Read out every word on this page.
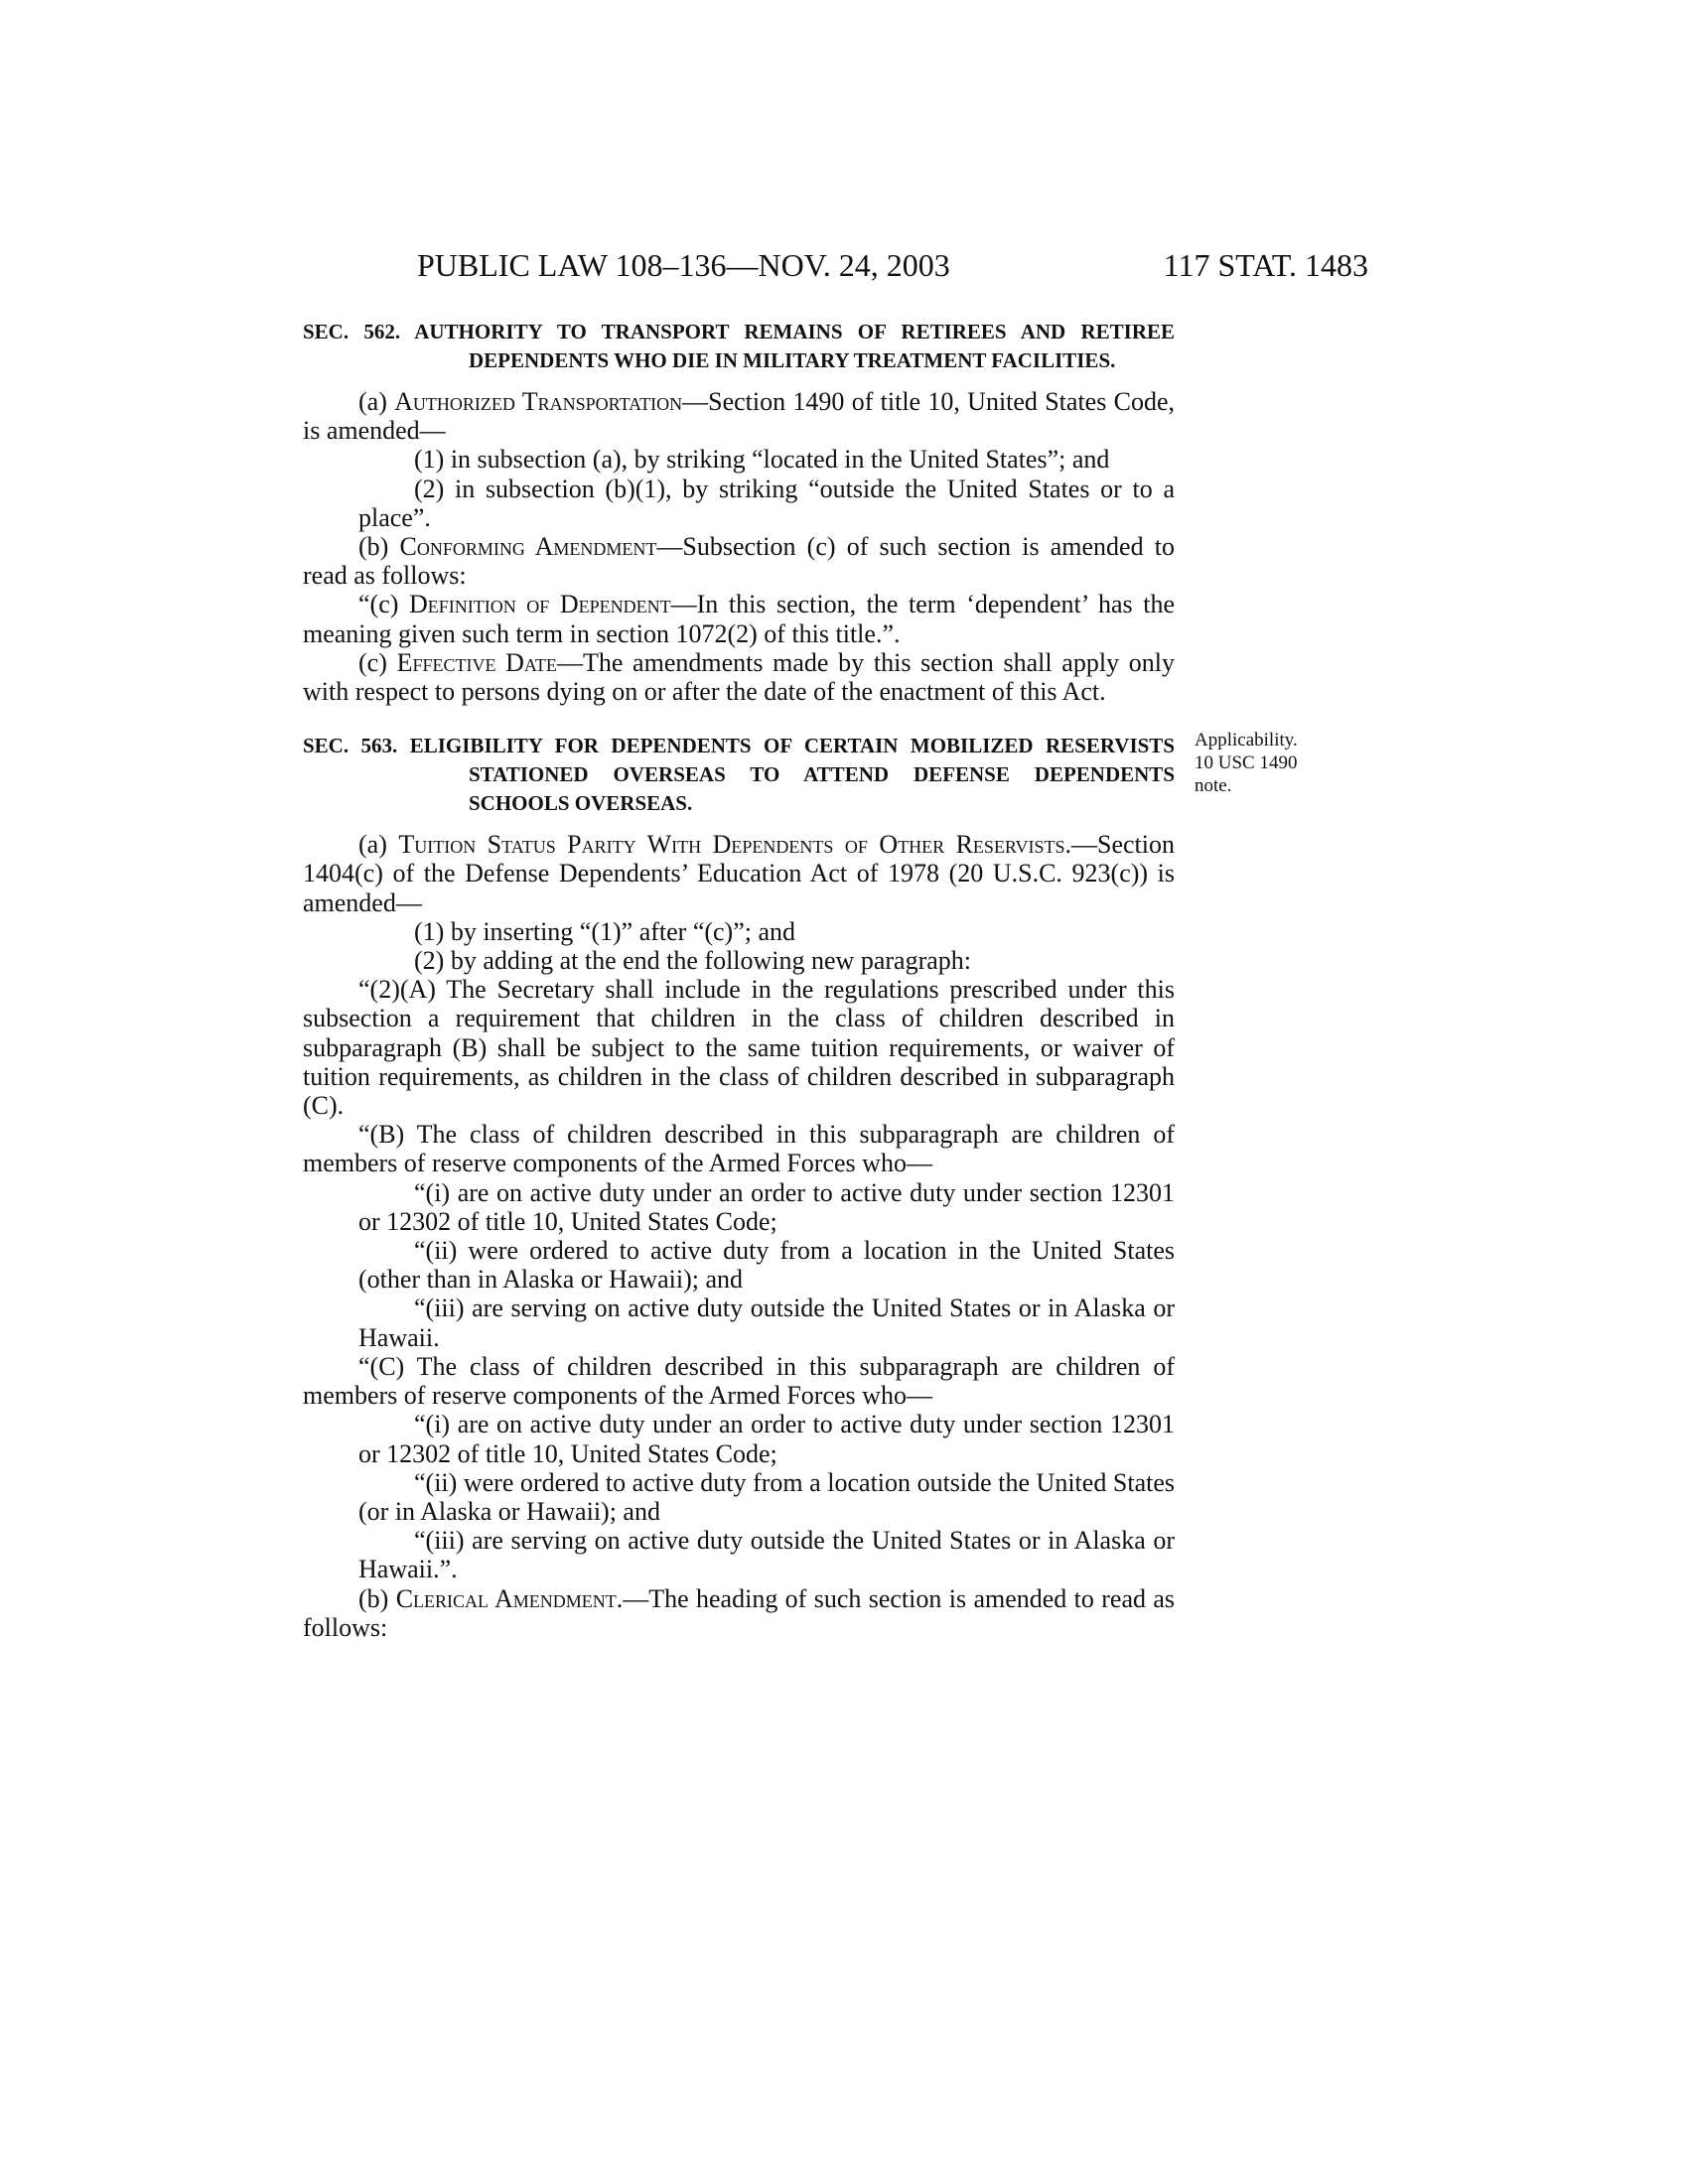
PUBLIC LAW 108–136—NOV. 24, 2003	117 STAT. 1483

SEC. 562. AUTHORITY TO TRANSPORT REMAINS OF RETIREES AND RETIREE DEPENDENTS WHO DIE IN MILITARY TREATMENT FACILITIES.

(a) Authorized Transportation—Section 1490 of title 10, United States Code, is amended—

(1) in subsection (a), by striking “located in the United States”; and

(2) in subsection (b)(1), by striking “outside the United States or to a place”.

(b) Conforming Amendment—Subsection (c) of such section is amended to read as follows:

“(c) Definition of Dependent—In this section, the term ‘dependent’ has the meaning given such term in section 1072(2) of this title.”.

(c) Effective Date—The amendments made by this section shall apply only with respect to persons dying on or after the date of the enactment of this Act.

SEC. 563. ELIGIBILITY FOR DEPENDENTS OF CERTAIN MOBILIZED RESERVISTS STATIONED OVERSEAS TO ATTEND DEFENSE DEPENDENTS SCHOOLS OVERSEAS.

(a) Tuition Status Parity With Dependents of Other Reservists.—Section 1404(c) of the Defense Dependents’ Education Act of 1978 (20 U.S.C. 923(c)) is amended—

(1) by inserting “(1)” after “(c)”; and

(2) by adding at the end the following new paragraph:

“(2)(A) The Secretary shall include in the regulations prescribed under this subsection a requirement that children in the class of children described in subparagraph (B) shall be subject to the same tuition requirements, or waiver of tuition requirements, as children in the class of children described in subparagraph (C).

“(B) The class of children described in this subparagraph are children of members of reserve components of the Armed Forces who—

“(i) are on active duty under an order to active duty under section 12301 or 12302 of title 10, United States Code;

“(ii) were ordered to active duty from a location in the United States (other than in Alaska or Hawaii); and

“(iii) are serving on active duty outside the United States or in Alaska or Hawaii.

“(C) The class of children described in this subparagraph are children of members of reserve components of the Armed Forces who—

“(i) are on active duty under an order to active duty under section 12301 or 12302 of title 10, United States Code;

“(ii) were ordered to active duty from a location outside the United States (or in Alaska or Hawaii); and

“(iii) are serving on active duty outside the United States or in Alaska or Hawaii.”.

(b) Clerical Amendment.—The heading of such section is amended to read as follows:

Applicability.
10 USC 1490
note.
